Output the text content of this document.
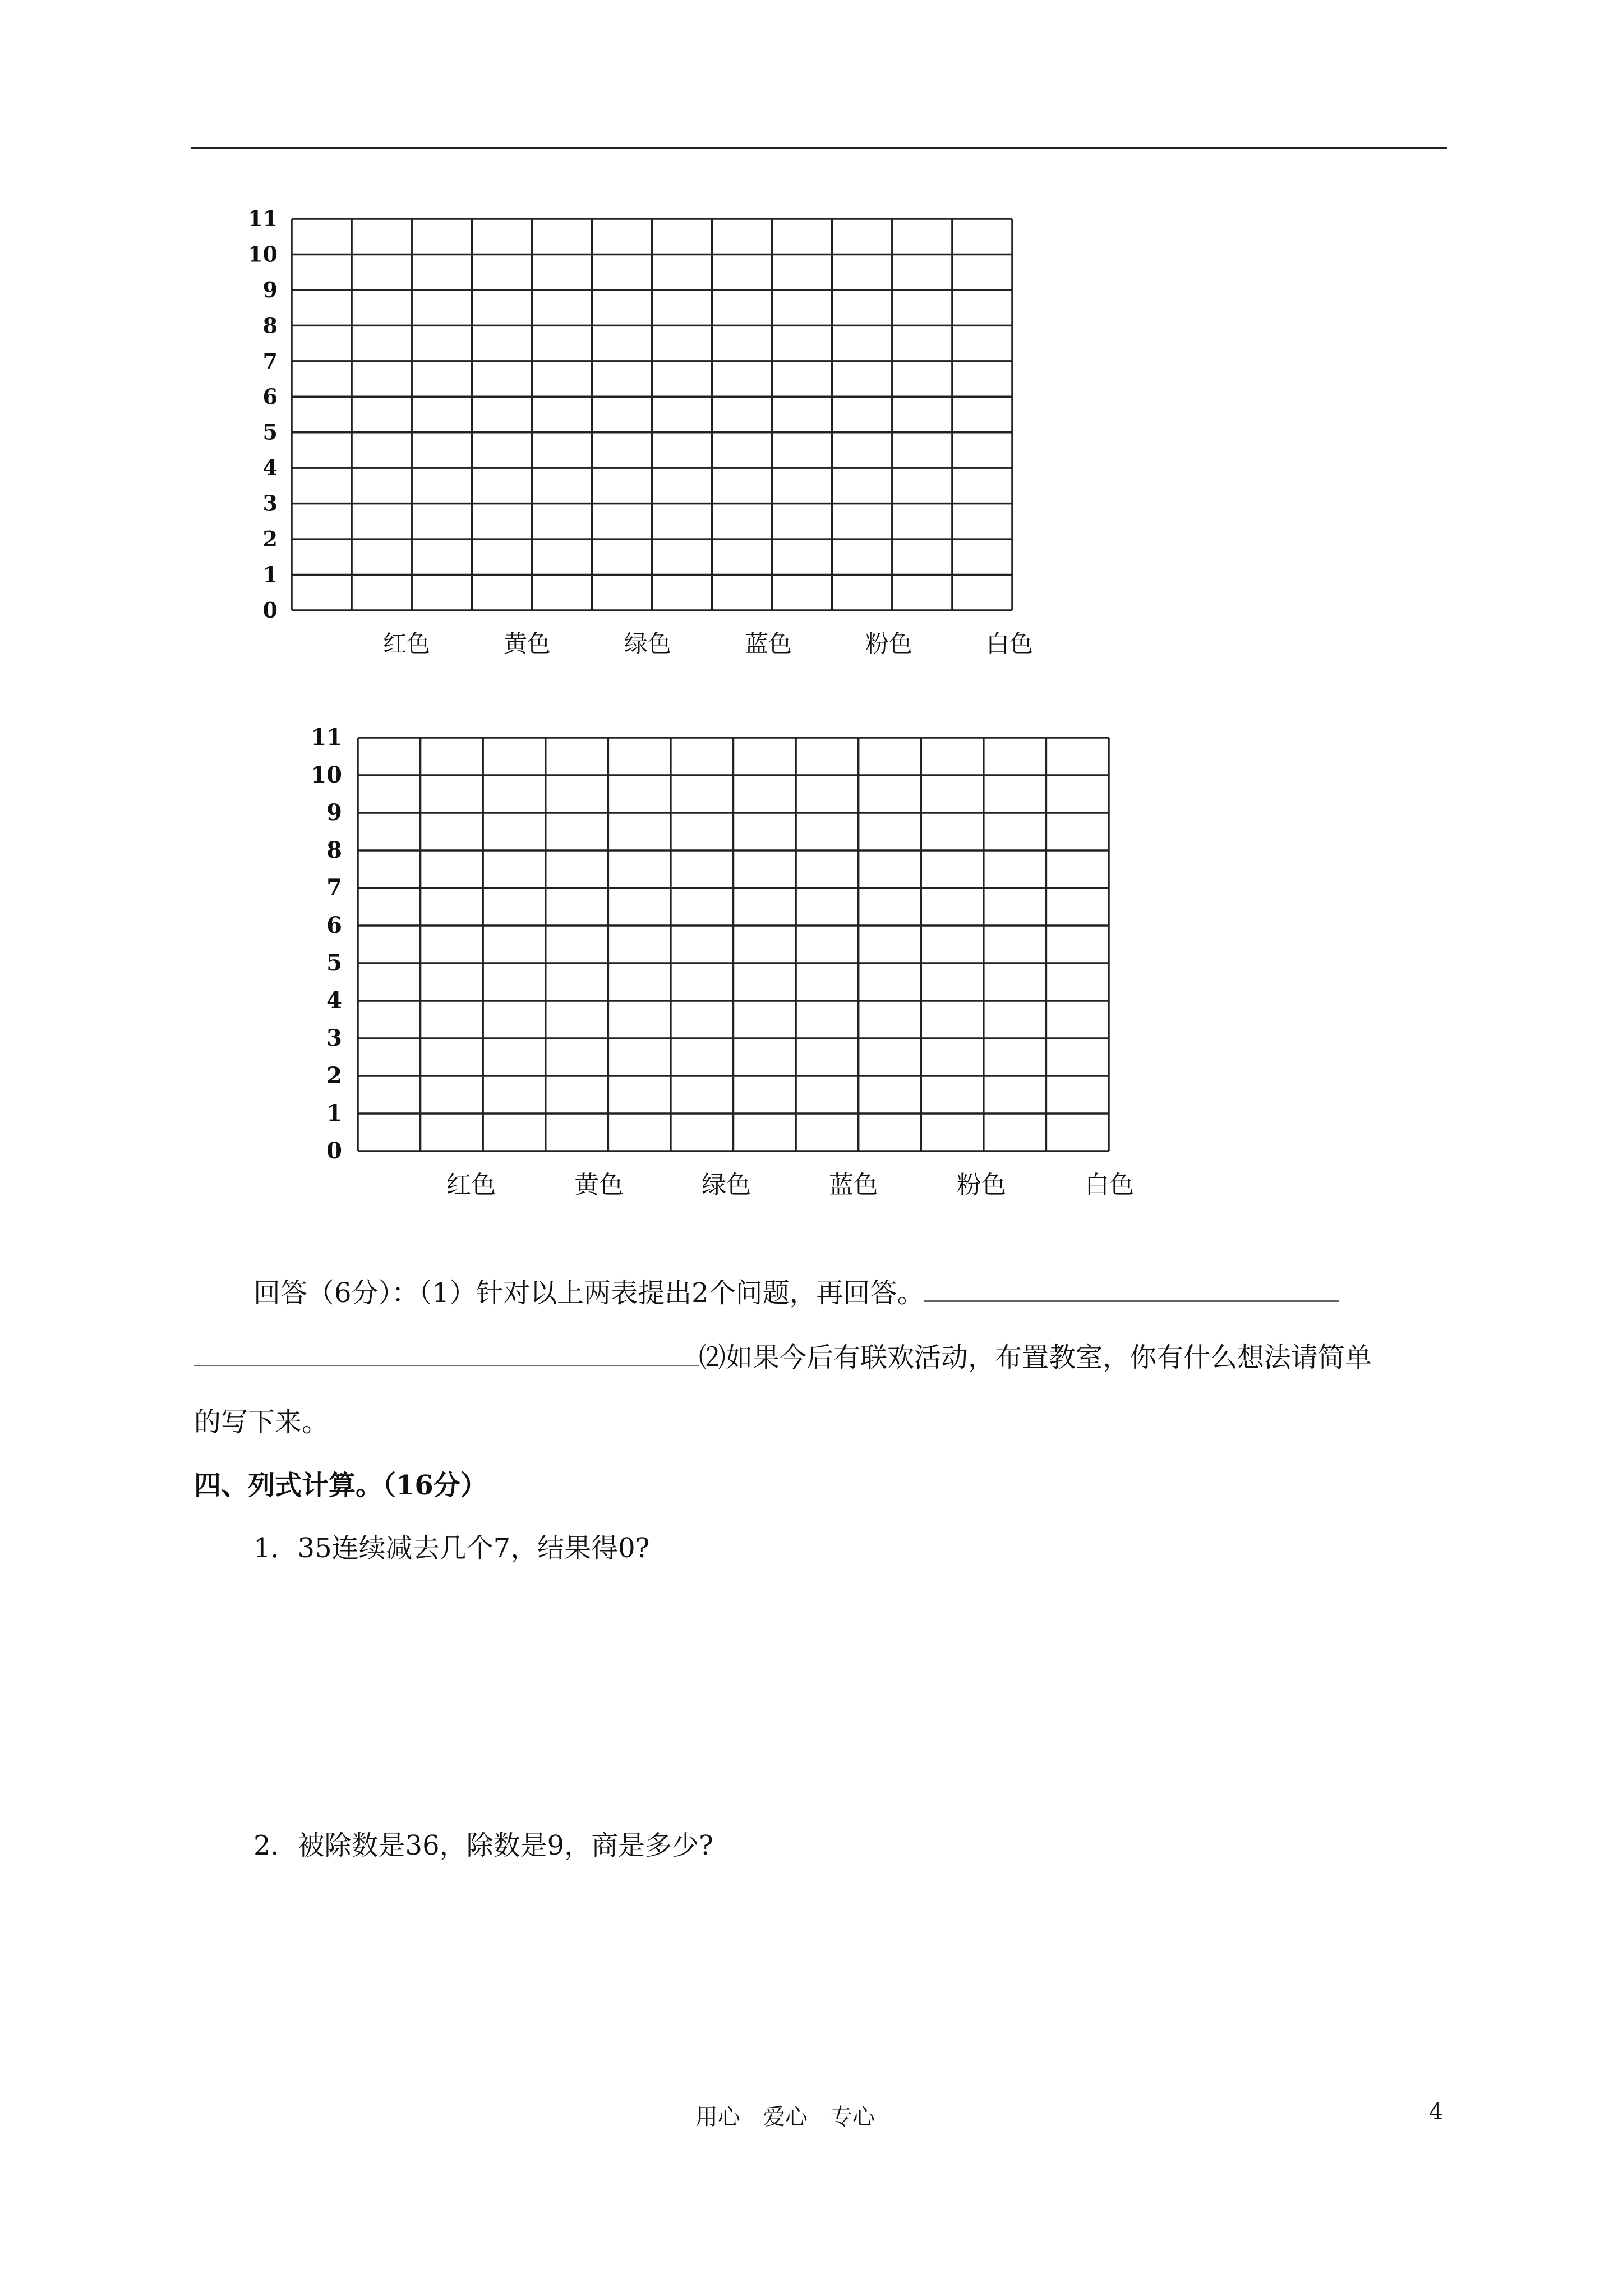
0
1
2
3
4
5
6
7
8
9
10
11
红色	黄色	绿色	蓝色	粉色	白色
0
1
2
3
4
5
6
7
8
9
10
11
红色	黄色	绿色	蓝色	粉色	白色
回答（6分）：（1）针对以上两表提出2个问题，再回答。
⑵如果今后有联欢活动，布置教室，你有什么想法请简单
的写下来。
四、列式计算。（16分）
1．35连续减去几个7，结果得0?
2．被除数是36，除数是9，商是多少?
用心　爱心　专心	4
